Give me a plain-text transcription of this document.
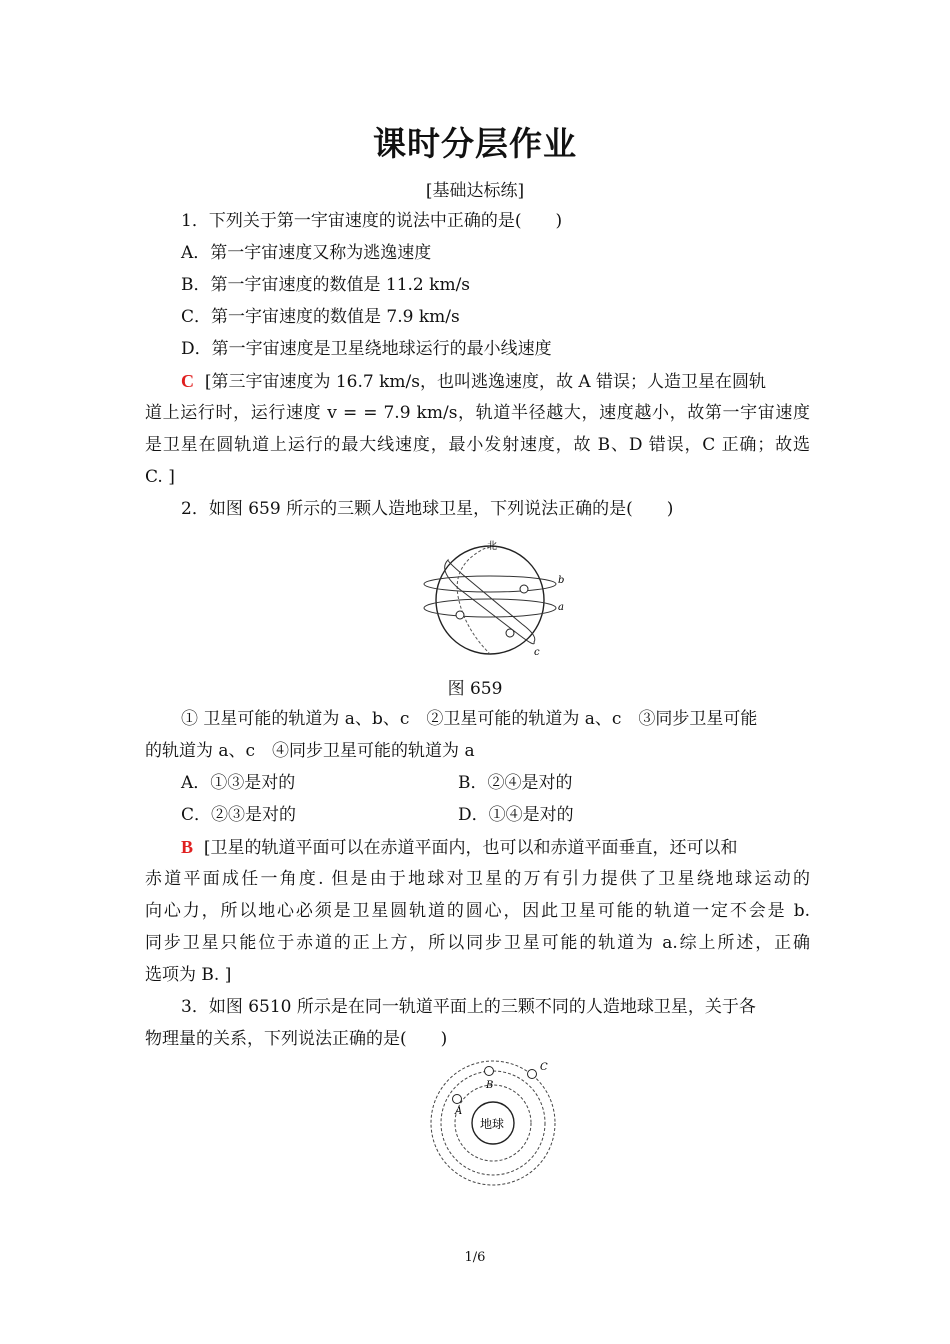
课时分层作业
[基础达标练]
1．下列关于第一宇宙速度的说法中正确的是(　　)
A．第一宇宙速度又称为逃逸速度
B．第一宇宙速度的数值是 11.2 km/s
C．第一宇宙速度的数值是 7.9 km/s
D．第一宇宙速度是卫星绕地球运行的最小线速度
C [第三宇宙速度为 16.7 km/s，也叫逃逸速度，故 A 错误；人造卫星在圆轨
道上运行时，运行速度 v = = 7.9 km/s，轨道半径越大，速度越小，故第一宇宙速度
是卫星在圆轨道上运行的最大线速度，最小发射速度，故 B、D 错误，C 正确；故选
C. ]
2．如图 659 所示的三颗人造地球卫星，下列说法正确的是(　　)
北
b
a
c
图 659
① 卫星可能的轨道为 a、b、c　②卫星可能的轨道为 a、c　③同步卫星可能
的轨道为 a、c　④同步卫星可能的轨道为 a
A．①③是对的	B．②④是对的
C．②③是对的	D．①④是对的
B [卫星的轨道平面可以在赤道平面内，也可以和赤道平面垂直，还可以和
赤道平面成任一角度. 但是由于地球对卫星的万有引力提供了卫星绕地球运动的
向心力，所以地心必须是卫星圆轨道的圆心，因此卫星可能的轨道一定不会是 b.
同步卫星只能位于赤道的正上方，所以同步卫星可能的轨道为 a.综上所述，正确
选项为 B. ]
3．如图 6510 所示是在同一轨道平面上的三颗不同的人造地球卫星，关于各
物理量的关系，下列说法正确的是(　　)
地球
A
B
C
1/6
